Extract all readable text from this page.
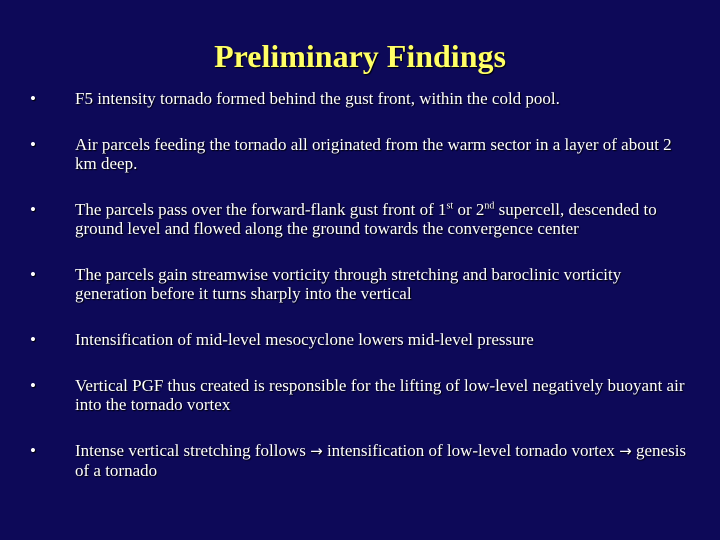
Preliminary Findings
•	F5 intensity tornado formed behind the gust front, within the cold pool.
•	Air parcels feeding the tornado all originated from the warm sector in a layer of about 2 km deep.
•	The parcels pass over the forward-flank gust front of 1st or 2nd supercell, descended to ground level and flowed along the ground towards the convergence center
•	The parcels gain streamwise vorticity through stretching and baroclinic vorticity generation before it turns sharply into the vertical
•	Intensification of mid-level mesocyclone lowers mid-level pressure
•	Vertical PGF thus created is responsible for the lifting of low-level negatively buoyant air into the tornado vortex
•	Intense vertical stretching follows → intensification of low-level tornado vortex → genesis of a tornado
